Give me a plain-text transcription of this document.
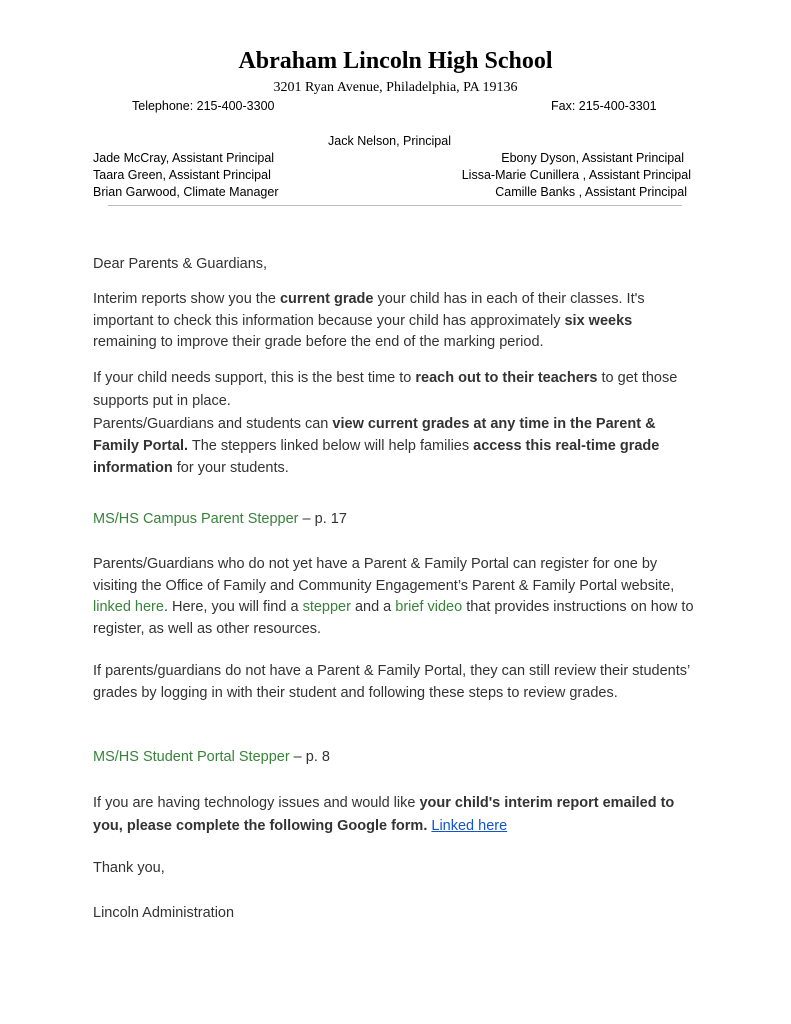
Abraham Lincoln High School
3201 Ryan Avenue, Philadelphia, PA 19136
Telephone: 215-400-3300	Fax: 215-400-3301
Jack Nelson, Principal
Jade McCray, Assistant Principal
Taara Green, Assistant Principal
Brian Garwood, Climate Manager
Ebony Dyson, Assistant Principal
Lissa-Marie Cunillera , Assistant Principal
Camille Banks , Assistant Principal
Dear Parents & Guardians,
Interim reports show you the current grade your child has in each of their classes. It's important to check this information because your child has approximately six weeks remaining to improve their grade before the end of the marking period.
If your child needs support, this is the best time to reach out to their teachers to get those supports put in place.
Parents/Guardians and students can view current grades at any time in the Parent & Family Portal. The steppers linked below will help families access this real-time grade information for your students.
MS/HS Campus Parent Stepper – p. 17
Parents/Guardians who do not yet have a Parent & Family Portal can register for one by visiting the Office of Family and Community Engagement’s Parent & Family Portal website, linked here. Here, you will find a stepper and a brief video that provides instructions on how to register, as well as other resources.
If parents/guardians do not have a Parent & Family Portal, they can still review their students’ grades by logging in with their student and following these steps to review grades.
MS/HS Student Portal Stepper – p. 8
If you are having technology issues and would like your child's interim report emailed to you, please complete the following Google form. Linked here
Thank you,
Lincoln Administration
